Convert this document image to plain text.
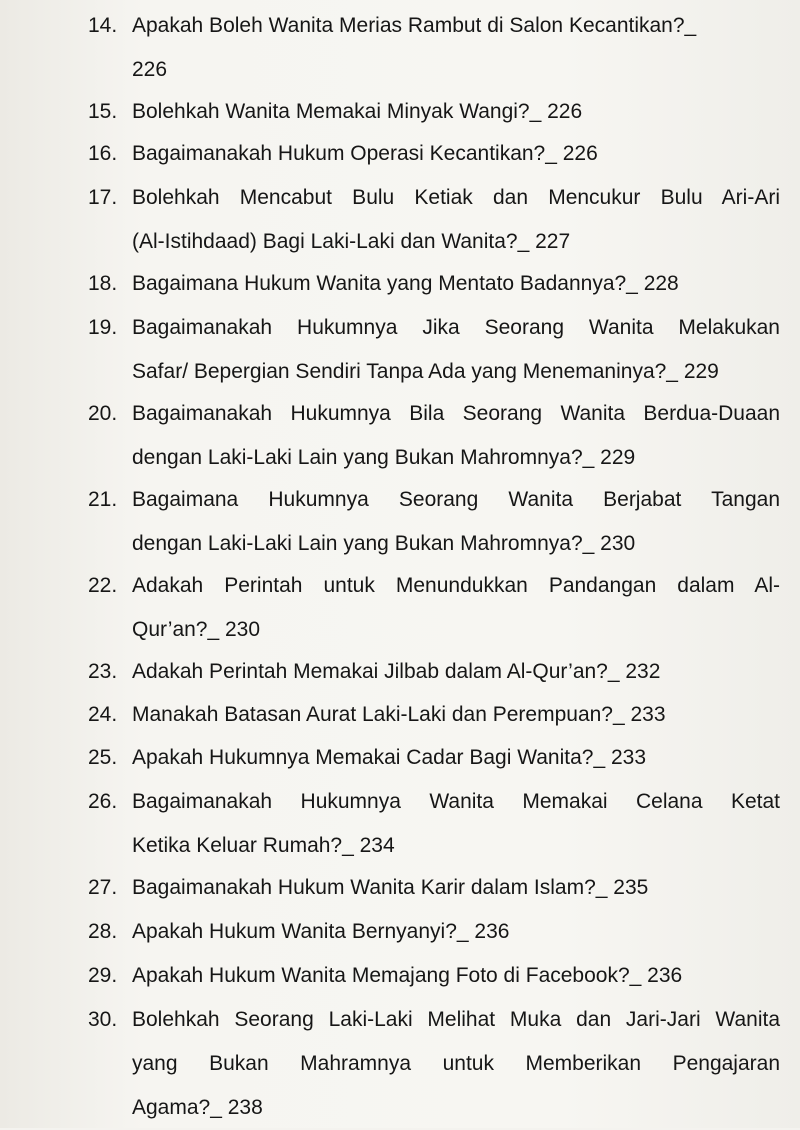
14. Apakah Boleh Wanita Merias Rambut di Salon Kecantikan?_
226
15. Bolehkah Wanita Memakai Minyak Wangi?_ 226
16. Bagaimanakah Hukum Operasi Kecantikan?_ 226
17. Bolehkah Mencabut Bulu Ketiak dan Mencukur Bulu Ari-Ari
(Al-Istihdaad) Bagi Laki-Laki dan Wanita?_ 227
18. Bagaimana Hukum Wanita yang Mentato Badannya?_ 228
19. Bagaimanakah Hukumnya Jika Seorang Wanita Melakukan
Safar/ Bepergian Sendiri Tanpa Ada yang Menemaninya?_ 229
20. Bagaimanakah Hukumnya Bila Seorang Wanita Berdua-Duaan
dengan Laki-Laki Lain yang Bukan Mahromnya?_ 229
21. Bagaimana Hukumnya Seorang Wanita Berjabat Tangan
dengan Laki-Laki Lain yang Bukan Mahromnya?_ 230
22. Adakah Perintah untuk Menundukkan Pandangan dalam Al-
Qur’an?_ 230
23. Adakah Perintah Memakai Jilbab dalam Al-Qur’an?_ 232
24. Manakah Batasan Aurat Laki-Laki dan Perempuan?_ 233
25. Apakah Hukumnya Memakai Cadar Bagi Wanita?_ 233
26. Bagaimanakah Hukumnya Wanita Memakai Celana Ketat
Ketika Keluar Rumah?_ 234
27. Bagaimanakah Hukum Wanita Karir dalam Islam?_ 235
28. Apakah Hukum Wanita Bernyanyi?_ 236
29. Apakah Hukum Wanita Memajang Foto di Facebook?_ 236
30. Bolehkah Seorang Laki-Laki Melihat Muka dan Jari-Jari Wanita
yang Bukan Mahramnya untuk Memberikan Pengajaran
Agama?_ 238
